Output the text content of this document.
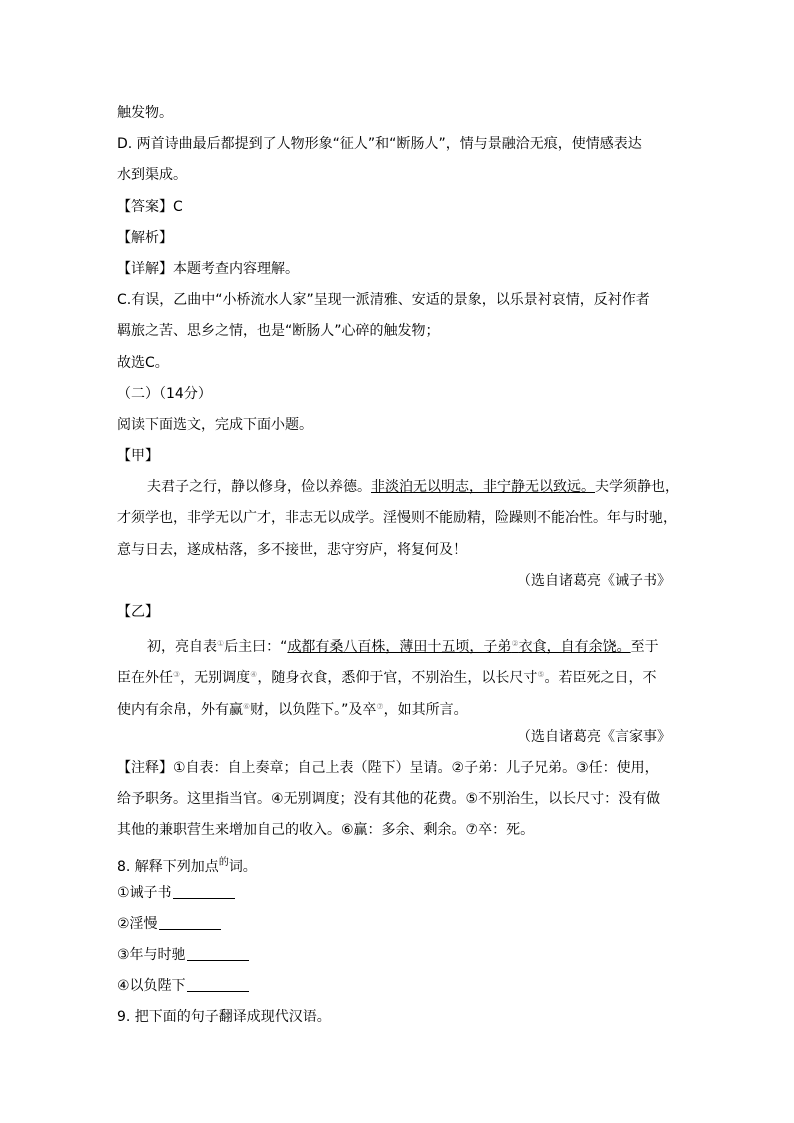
触发物。
D. 两首诗曲最后都提到了人物形象“征人”和“断肠人”，情与景融洽无痕，使情感表达
水到渠成。
【答案】C
【解析】
【详解】本题考查内容理解。
C.有误，乙曲中“小桥流水人家”呈现一派清雅、安适的景象，以乐景衬哀情，反衬作者
羁旅之苦、思乡之情，也是“断肠人”心碎的触发物；
故选C。
（二）（14分）
阅读下面选文，完成下面小题。
【甲】
夫君子之行，静以修身，俭以养德。非淡泊无以明志，非宁静无以致远。夫学须静也，
才须学也，非学无以广才，非志无以成学。淫慢则不能励精，险躁则不能冶性。年与时驰，
意与日去，遂成枯落，多不接世，悲守穷庐，将复何及！
（选自诸葛亮《诫子书》
【乙】
初，亮自表①后主曰：“成都有桑八百株，薄田十五顷，子弟②衣食，自有余饶。至于
臣在外任③，无别调度④，随身衣食，悉仰于官，不别治生，以长尺寸⑤。若臣死之日，不
使内有余帛，外有赢⑥财，以负陛下。”及卒⑦，如其所言。
（选自诸葛亮《言家事》
【注释】①自表：自上奏章；自己上表（陛下）呈请。②子弟：儿子兄弟。③任：使用，
给予职务。这里指当官。④无别调度；没有其他的花费。⑤不别治生，以长尺寸：没有做
其他的兼职营生来增加自己的收入。⑥赢：多余、剩余。⑦卒：死。
8. 解释下列加点$^的$词。
①诫子书
②淫慢
③年与时驰
④以负陛下
9. 把下面的句子翻译成现代汉语。
